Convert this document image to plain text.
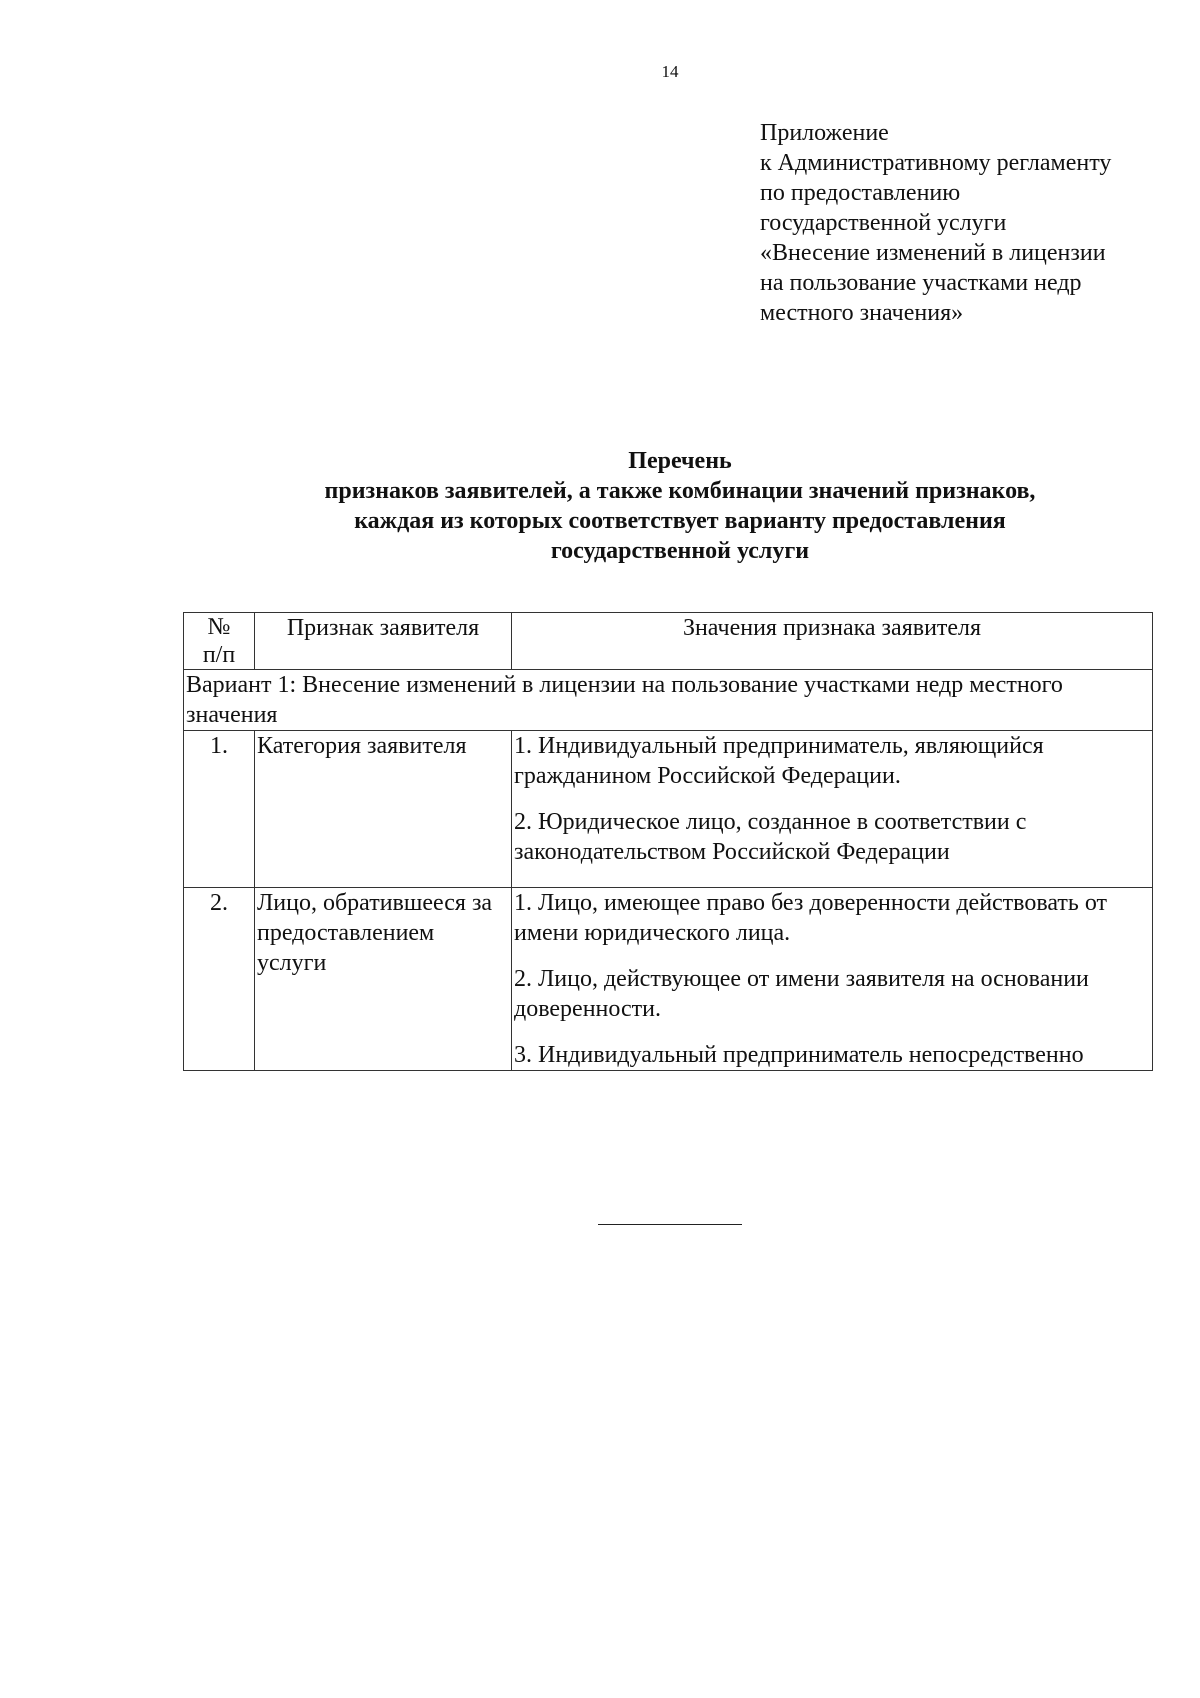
14
Приложение
к Административному регламенту
по предоставлению
государственной услуги
«Внесение изменений в лицензии
на пользование участками недр
местного значения»
Перечень
признаков заявителей, а также комбинации значений признаков,
каждая из которых соответствует варианту предоставления
государственной услуги
№
п/п	Признак заявителя	Значения признака заявителя
Вариант 1: Внесение изменений в лицензии на пользование участками недр местного значения		
1.	Категория заявителя	1. Индивидуальный предприниматель, являющийся гражданином Российской Федерации.

2. Юридическое лицо, созданное в соответствии с законодательством Российской Федерации

2.	Лицо, обратившееся за предоставлением услуги	1. Лицо, имеющее право без доверенности действовать от имени юридического лица.

2. Лицо, действующее от имени заявителя на основании доверенности.

3. Индивидуальный предприниматель непосредственно
